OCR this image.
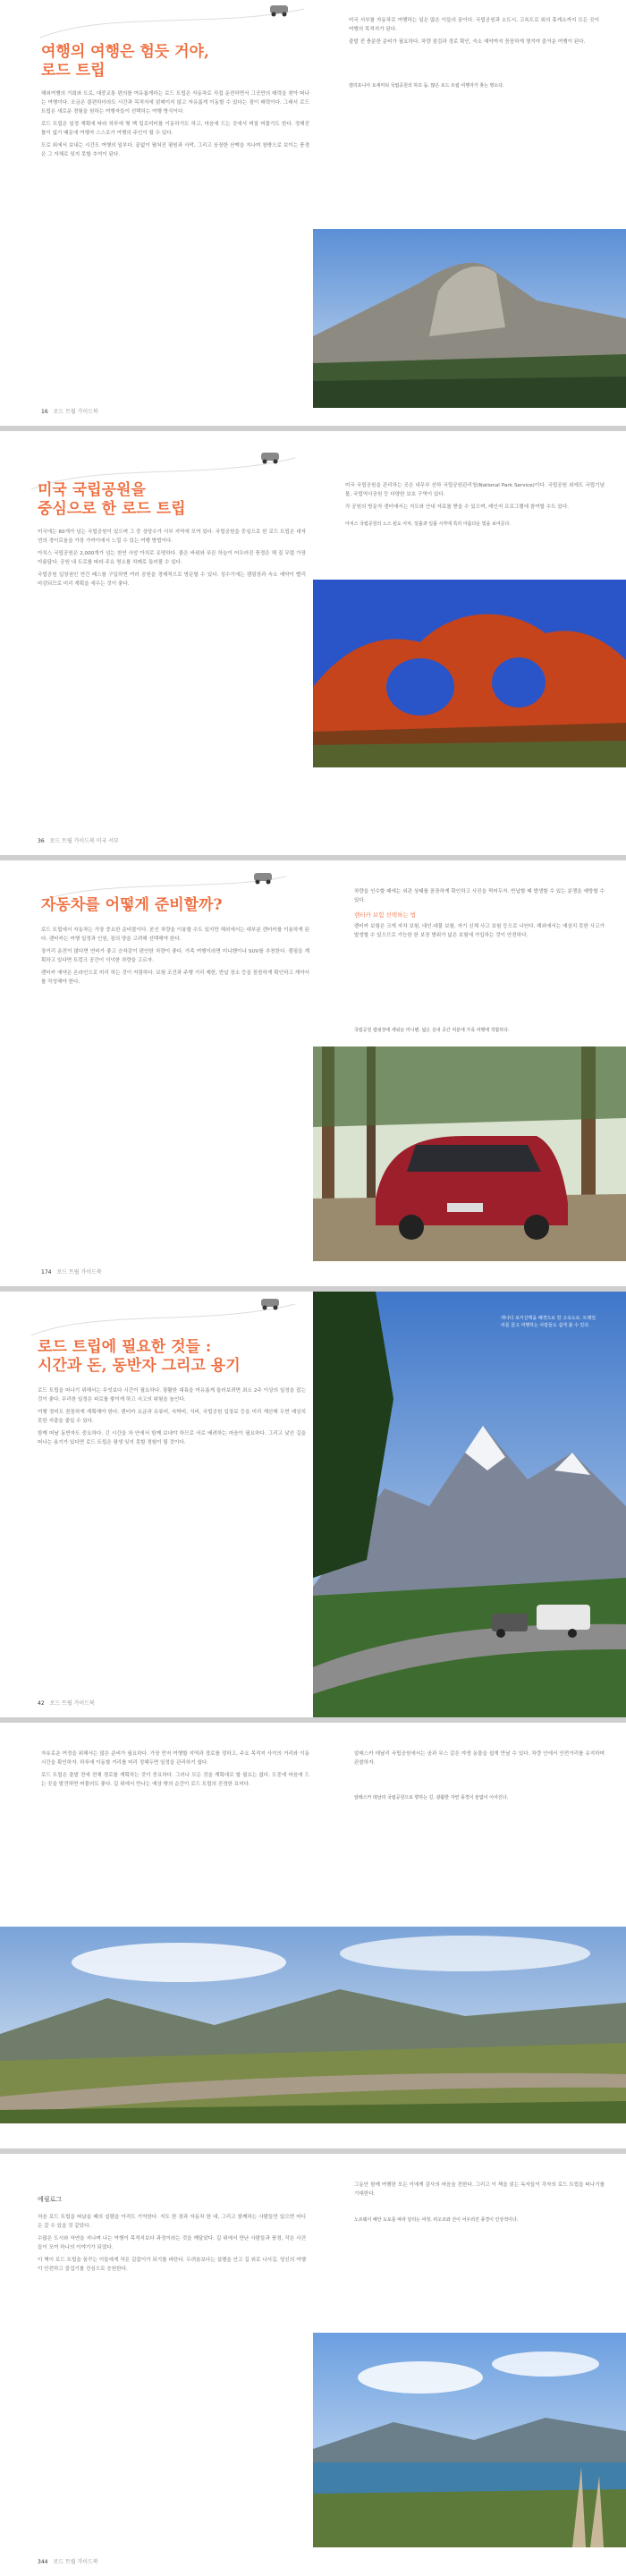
여행의 여행은 험듯 거야,
로드 트립

해외여행의 기회와 도로, 대중교통 편의를 여유롭게하는 로드 트립은 자동차로 직접 운전하면서 그곳만의 매력을 찾아 떠나는 여행이다. 조금은 불편하더라도 시간과 목적지에 얽매이지 않고 자유롭게 이동할 수 있다는 점이 매력이다. 그래서 로드 트립은 새로운 경험을 원하는 여행자들이 선택하는 여행 방식이다.

로드 트립은 일정 계획에 따라 하루에 몇 백 킬로미터를 이동하기도 하고, 마음에 드는 곳에서 며칠 머물기도 한다. 정해진 틀이 없기 때문에 여행자 스스로가 여행의 주인이 될 수 있다.

도로 위에서 보내는 시간도 여행의 일부다. 끝없이 펼쳐진 평원과 사막, 그리고 웅장한 산맥을 지나며 창밖으로 보이는 풍경은 그 자체로 잊지 못할 추억이 된다.

미국 서부를 자동차로 여행하는 일은 많은 이들의 꿈이다. 국립공원과 소도시, 고속도로 위의 휴게소까지 모든 곳이 여행의 목적지가 된다.

출발 전 충분한 준비가 필요하다. 차량 점검과 경로 확인, 숙소 예약까지 꼼꼼하게 챙겨야 즐거운 여행이 된다.

캘리포니아 요세미티 국립공원의 하프 돔. 많은 로드 트립 여행자가 찾는 명소다.
16 로드 트립 가이드북
미국 국립공원을
중심으로 한 로드 트립

미국에는 60개가 넘는 국립공원이 있으며 그 중 상당수가 서부 지역에 모여 있다. 국립공원을 중심으로 한 로드 트립은 대자연의 경이로움을 가장 가까이에서 느낄 수 있는 여행 방법이다.

아치스 국립공원은 2,000개가 넘는 천연 사암 아치로 유명하다. 붉은 바위와 푸른 하늘이 어우러진 풍경은 해 질 무렵 가장 아름답다. 공원 내 도로를 따라 주요 명소를 차례로 둘러볼 수 있다.

국립공원 입장권인 연간 패스를 구입하면 여러 공원을 경제적으로 방문할 수 있다. 성수기에는 캠핑장과 숙소 예약이 빨리 마감되므로 미리 계획을 세우는 것이 좋다.

미국 국립공원을 관리하는 곳은 내무부 산하 국립공원관리청(National Park Service)이다. 국립공원 외에도 국립기념물, 국립역사공원 등 다양한 보호 구역이 있다.

각 공원의 방문자 센터에서는 지도와 안내 자료를 받을 수 있으며, 레인저 프로그램에 참여할 수도 있다.

아치스 국립공원의 노스 윈도 아치. 일출과 일몰 시각에 특히 아름다운 빛을 보여준다.
36 로드 트립 가이드북 미국 서부
자동차를 어떻게 준비할까?

로드 트립에서 자동차는 가장 중요한 준비물이다. 본인 차량을 이용할 수도 있지만 해외에서는 대부분 렌터카를 이용하게 된다. 렌터카는 여행 일정과 인원, 짐의 양을 고려해 선택해야 한다.

장거리 운전이 많다면 연비가 좋고 승차감이 편안한 차량이 좋다. 가족 여행이라면 미니밴이나 SUV를 추천한다. 캠핑을 계획하고 있다면 트렁크 공간이 넉넉한 차량을 고르자.

렌터카 예약은 온라인으로 미리 하는 것이 저렴하다. 보험 조건과 주행 거리 제한, 반납 장소 등을 꼼꼼하게 확인하고 계약서를 작성해야 한다.

차량을 인수할 때에는 외관 상태를 꼼꼼하게 확인하고 사진을 찍어두자. 반납할 때 발생할 수 있는 분쟁을 예방할 수 있다.

렌터카 보험 선택하는 법

렌터카 보험은 크게 자차 보험, 대인·대물 보험, 자기 신체 사고 보험 등으로 나뉜다. 해외에서는 예상치 못한 사고가 발생할 수 있으므로 가능한 한 보장 범위가 넓은 보험에 가입하는 것이 안전하다.

국립공원 캠핑장에 세워둔 미니밴. 넓은 실내 공간 덕분에 가족 여행에 적합하다.
174 로드 트립 가이드북
로드 트립에 필요한 것들 :
시간과 돈, 동반자 그리고 용기

로드 트립을 떠나기 위해서는 무엇보다 시간이 필요하다. 광활한 대륙을 여유롭게 둘러보려면 최소 2주 이상의 일정을 잡는 것이 좋다. 무리한 일정은 피로를 쌓이게 하고 사고의 위험을 높인다.

여행 경비도 꼼꼼하게 계획해야 한다. 렌터카 요금과 유류비, 숙박비, 식비, 국립공원 입장료 등을 미리 계산해 두면 예상치 못한 지출을 줄일 수 있다.

함께 떠날 동반자도 중요하다. 긴 시간을 차 안에서 함께 보내야 하므로 서로 배려하는 마음이 필요하다. 그리고 낯선 길을 떠나는 용기가 있다면 로드 트립은 평생 잊지 못할 경험이 될 것이다.

캐나다 로키산맥을 배경으로 한 고속도로. 트레일러를 끌고 여행하는 사람들도 쉽게 볼 수 있다.
42 로드 트립 가이드북

자유로운 여정을 위해서는 많은 준비가 필요하다. 가장 먼저 여행할 지역과 경로를 정하고, 주요 목적지 사이의 거리와 이동 시간을 확인하자. 하루에 이동할 거리를 미리 정해두면 일정을 관리하기 쉽다.

로드 트립은 출발 전에 전체 경로를 계획하는 것이 중요하다. 그러나 모든 것을 계획대로 할 필요는 없다. 도중에 마음에 드는 곳을 발견하면 머물러도 좋다. 길 위에서 만나는 예상 밖의 순간이 로드 트립의 진정한 묘미다.

알래스카 데날리 국립공원에서는 곰과 무스 같은 야생 동물을 쉽게 만날 수 있다. 차량 안에서 안전거리를 유지하며 관찰하자.

알래스카 데날리 국립공원으로 향하는 길. 광활한 자연 풍경이 끝없이 이어진다.
에필로그

처음 로드 트립을 떠났을 때의 설렘을 아직도 기억한다. 지도 한 장과 자동차 한 대, 그리고 함께하는 사람들만 있으면 어디든 갈 수 있을 것 같았다.

수많은 도시와 자연을 지나며 나는 여행이 목적지보다 과정이라는 것을 깨달았다. 길 위에서 만난 사람들과 풍경, 작은 사건들이 모여 하나의 이야기가 되었다.

이 책이 로드 트립을 꿈꾸는 이들에게 작은 길잡이가 되기를 바란다. 두려움보다는 설렘을 안고 길 위로 나서길. 당신의 여행이 안전하고 즐겁기를 진심으로 응원한다.

그동안 함께 여행한 모든 이에게 감사의 마음을 전한다. 그리고 이 책을 읽는 독자들이 각자의 로드 트립을 떠나기를 기대한다.

노르웨이 해안 도로를 따라 달리는 여정. 피오르와 산이 어우러진 풍경이 인상적이다.
344 로드 트립 가이드북
